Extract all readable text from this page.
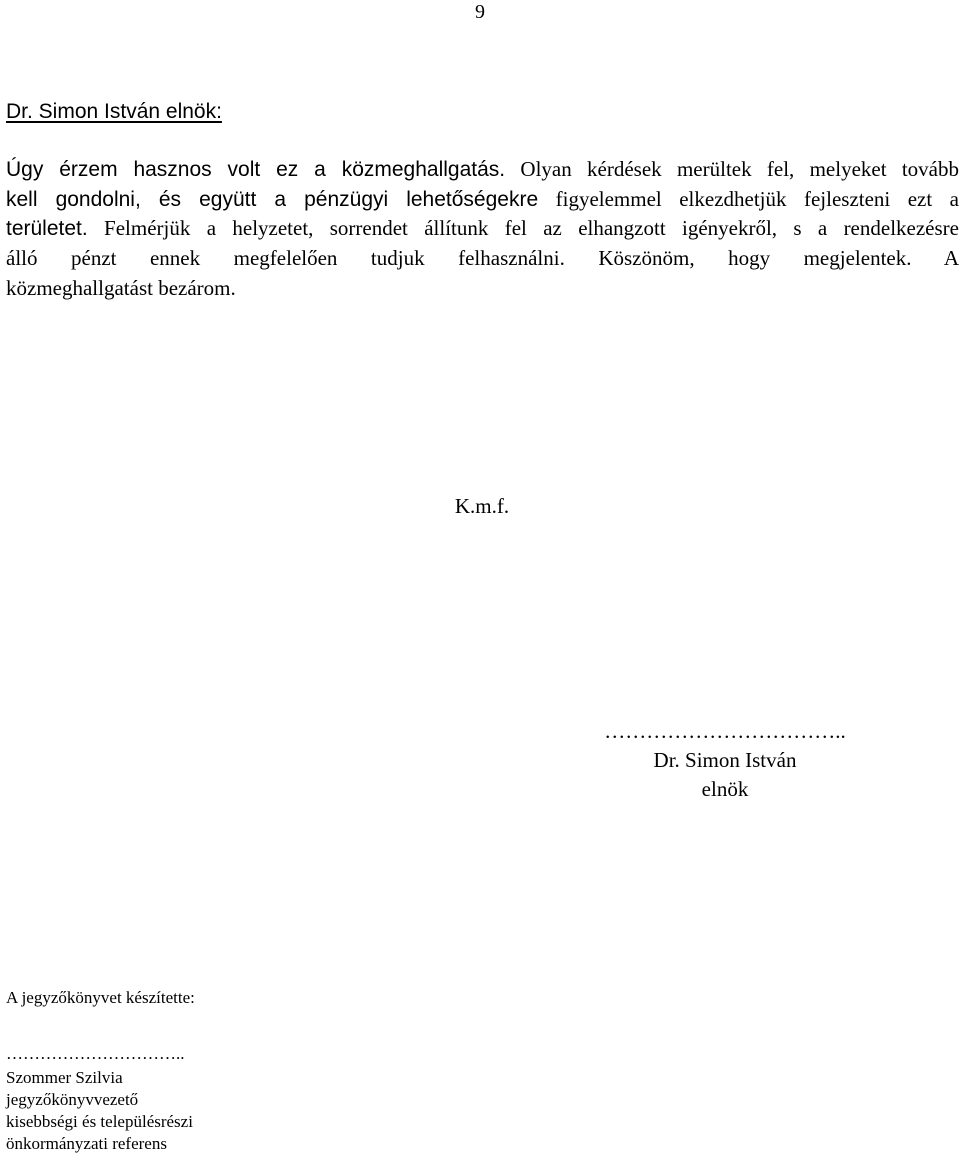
9
Dr. Simon István elnök:
Úgy érzem hasznos volt ez a közmeghallgatás. Olyan kérdések merültek fel, melyeket tovább
kell gondolni, és együtt a pénzügyi lehetőségekre figyelemmel elkezdhetjük fejleszteni ezt a
területet. Felmérjük a helyzetet, sorrendet állítunk fel az elhangzott igényekről, s a rendelkezésre
álló pénzt ennek megfelelően tudjuk felhasználni. Köszönöm, hogy megjelentek. A
közmeghallgatást bezárom.
K.m.f.
……………………………..
Dr. Simon István
elnök
A jegyzőkönyvet készítette:
…………………………..
Szommer Szilvia
jegyzőkönyvvezető
kisebbségi és településrészi
önkormányzati referens
